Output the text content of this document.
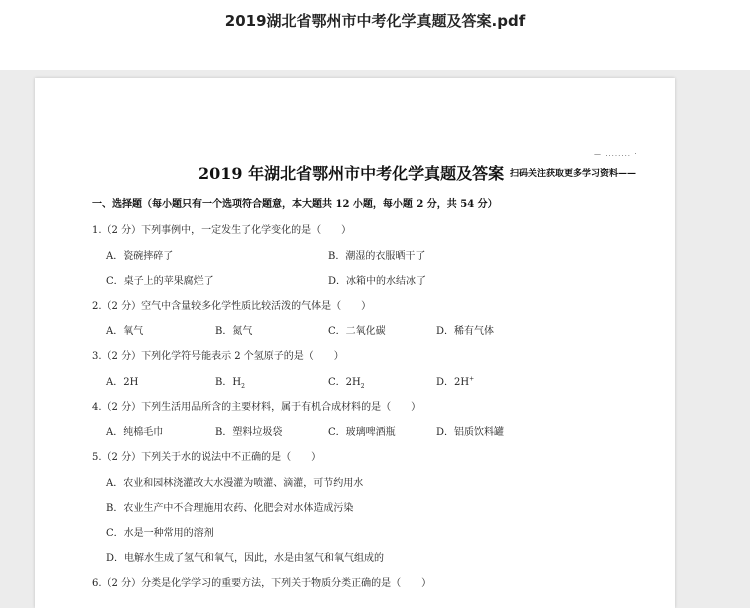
2019湖北省鄂州市中考化学真题及答案.pdf
— ........ ·
2019 年湖北省鄂州市中考化学真题及答案 扫码关注获取更多学习资料——
一、选择题（每小题只有一个选项符合题意，本大题共 12 小题，每小题 2 分，共 54 分）
1.（2 分）下列事例中，一定发生了化学变化的是（　　）
A．瓷碗摔碎了	B．潮湿的衣服晒干了
C．桌子上的苹果腐烂了	D．冰箱中的水结冰了
2.（2 分）空气中含量较多化学性质比较活泼的气体是（　　）
A．氧气	B．氮气	C．二氧化碳	D．稀有气体
3.（2 分）下列化学符号能表示 2 个氢原子的是（　　）
A．2H	B．$H_2$	C．$2H_2$	D．2H+
4.（2 分）下列生活用品所含的主要材料，属于有机合成材料的是（　　）
A．纯棉毛巾	B．塑料垃圾袋	C．玻璃啤酒瓶	D．铝质饮料罐
5.（2 分）下列关于水的说法中不正确的是（　　）
A．农业和园林浇灌改大水漫灌为喷灌、滴灌，可节约用水
B．农业生产中不合理施用农药、化肥会对水体造成污染
C．水是一种常用的溶剂
D．电解水生成了氢气和氧气，因此，水是由氢气和氧气组成的
6.（2 分）分类是化学学习的重要方法，下列关于物质分类正确的是（　　）
